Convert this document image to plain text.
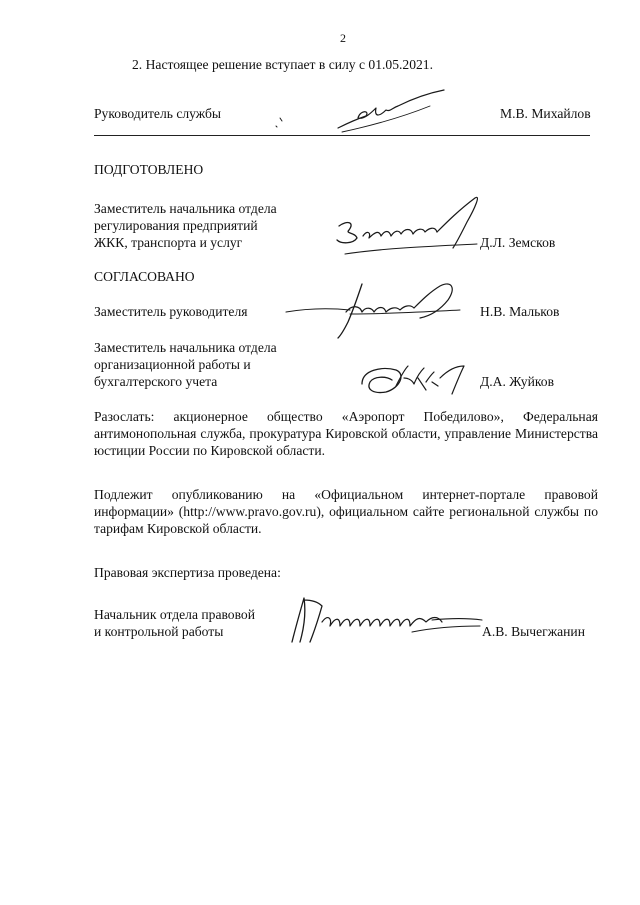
2
2. Настоящее решение вступает в силу с 01.05.2021.
Руководитель службы	М.В. Михайлов
ПОДГОТОВЛЕНО
Заместитель начальника отдела
регулирования предприятий
ЖКК, транспорта и услуг	Д.Л. Земсков
СОГЛАСОВАНО
Заместитель руководителя	Н.В. Мальков
Заместитель начальника отдела
организационной работы и
бухгалтерского учета	Д.А. Жуйков
Разослать: акционерное общество «Аэропорт Победилово», Федеральная антимонопольная служба, прокуратура Кировской области, управление Министерства юстиции России по Кировской области.
Подлежит опубликованию на «Официальном интернет-портале правовой информации» (http://www.pravo.gov.ru), официальном сайте региональной службы по тарифам Кировской области.
Правовая экспертиза проведена:
Начальник отдела правовой
и контрольной работы	А.В. Вычегжанин
